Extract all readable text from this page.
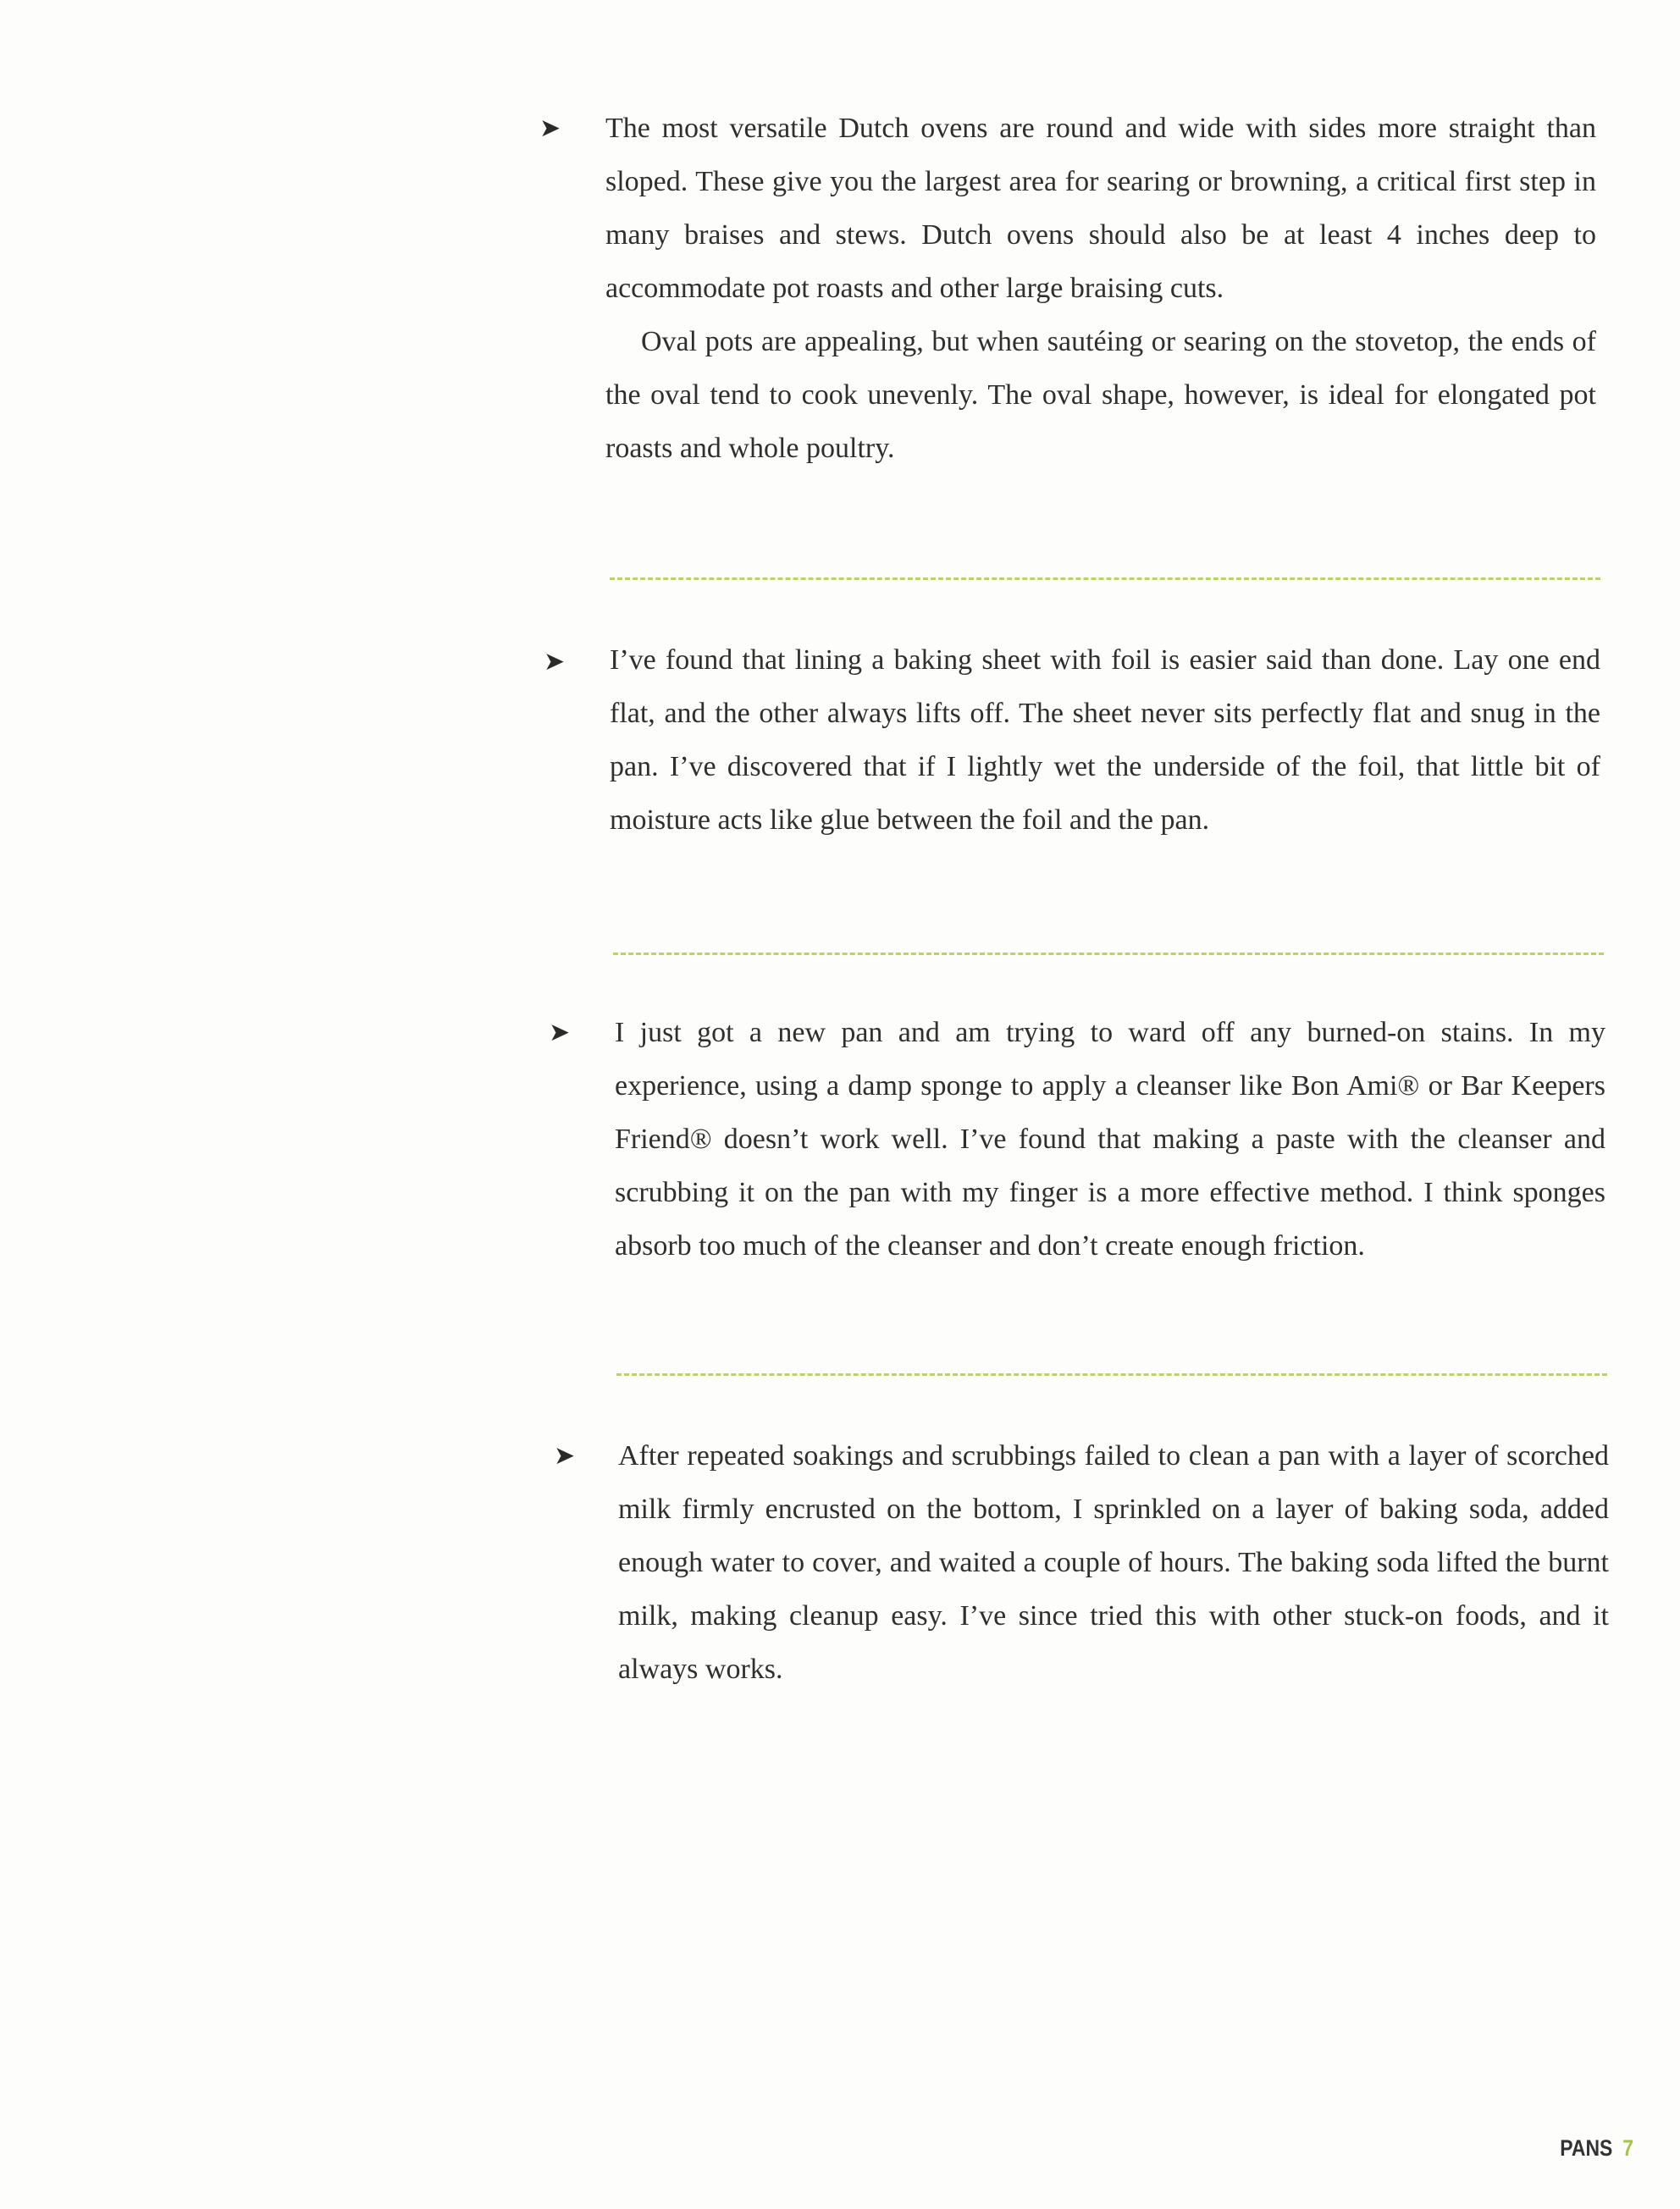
➤ The most versatile Dutch ovens are round and wide with sides more straight than sloped. These give you the largest area for searing or browning, a critical first step in many braises and stews. Dutch ovens should also be at least 4 inches deep to accommodate pot roasts and other large braising cuts.

Oval pots are appealing, but when sautéing or searing on the stovetop, the ends of the oval tend to cook unevenly. The oval shape, however, is ideal for elongated pot roasts and whole poultry.

➤ I’ve found that lining a baking sheet with foil is easier said than done. Lay one end flat, and the other always lifts off. The sheet never sits perfectly flat and snug in the pan. I’ve discovered that if I lightly wet the underside of the foil, that little bit of moisture acts like glue between the foil and the pan.

➤ I just got a new pan and am trying to ward off any burned-on stains. In my experience, using a damp sponge to apply a cleanser like Bon Ami® or Bar Keepers Friend® doesn’t work well. I’ve found that making a paste with the cleanser and scrubbing it on the pan with my finger is a more effective method. I think sponges absorb too much of the cleanser and don’t create enough friction.

➤ After repeated soakings and scrubbings failed to clean a pan with a layer of scorched milk firmly encrusted on the bottom, I sprinkled on a layer of baking soda, added enough water to cover, and waited a couple of hours. The baking soda lifted the burnt milk, making cleanup easy. I’ve since tried this with other stuck-on foods, and it always works.

PANS 7
